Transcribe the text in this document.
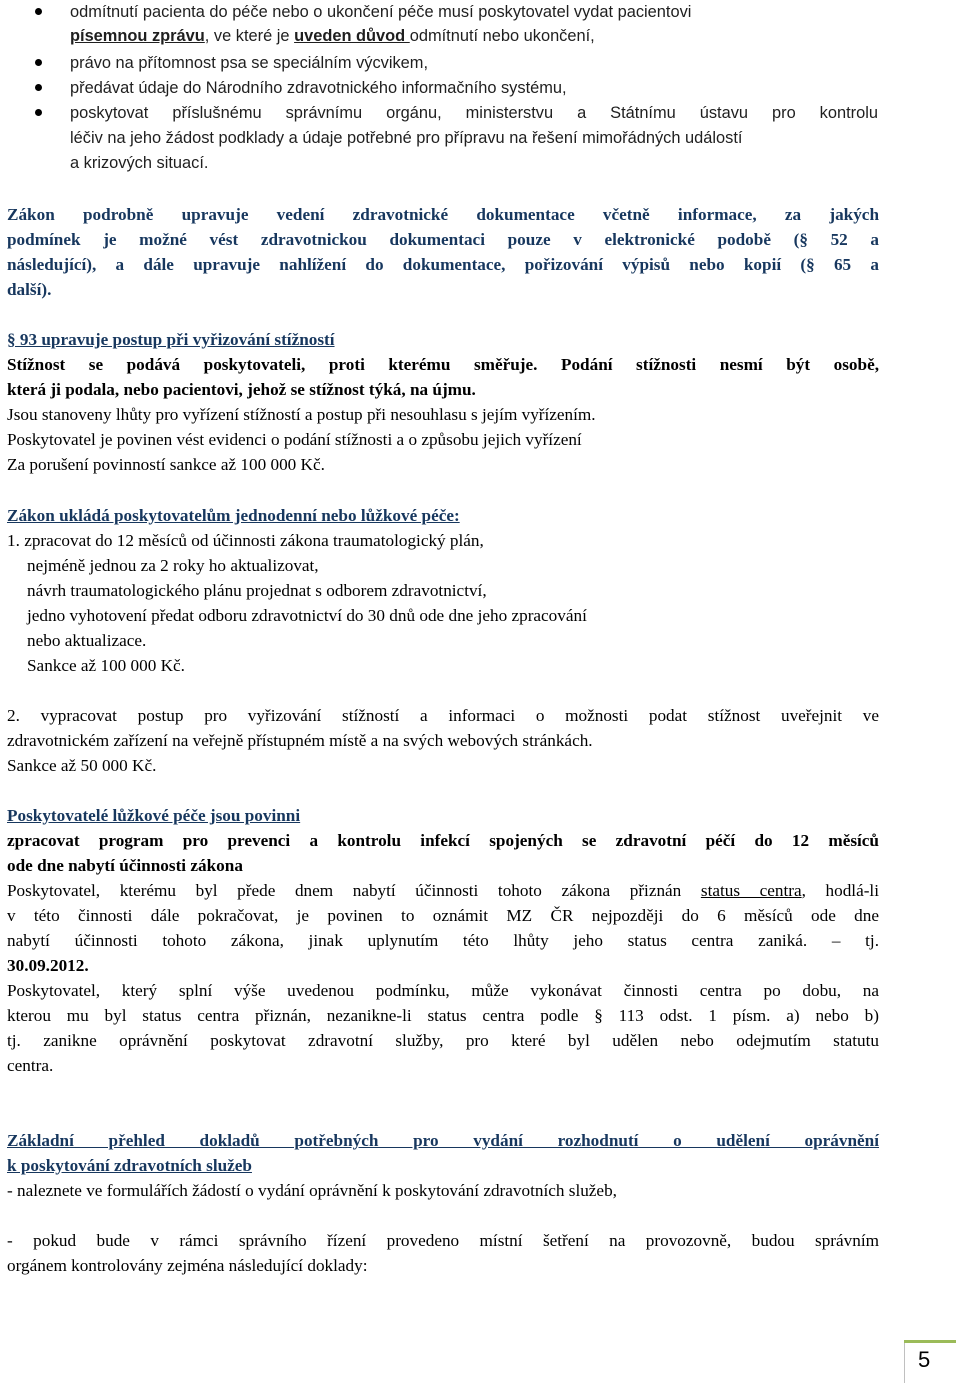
odmítnutí pacienta do péče nebo o ukončení péče musí poskytovatel vydat pacientovi
písemnou zprávu, ve které je uveden důvod odmítnutí nebo ukončení,
právo na přítomnost psa se speciálním výcvikem,
předávat údaje do Národního zdravotnického informačního systému,
poskytovat příslušnému správnímu orgánu, ministerstvu a Státnímu ústavu pro kontrolu
léčiv na jeho žádost podklady a údaje potřebné pro přípravu na řešení mimořádných událostí
a krizových situací.
Zákon podrobně upravuje vedení zdravotnické dokumentace včetně informace, za jakých
podmínek je možné vést zdravotnickou dokumentaci pouze v elektronické podobě (§ 52 a
následující), a dále upravuje nahlížení do dokumentace, pořizování výpisů nebo kopií (§ 65 a
další).
§ 93 upravuje postup při vyřizování stížností
Stížnost se podává poskytovateli, proti kterému směřuje. Podání stížnosti nesmí být osobě,
která ji podala, nebo pacientovi, jehož se stížnost týká, na újmu.
Jsou stanoveny lhůty pro vyřízení stížností a postup při nesouhlasu s jejím vyřízením.
Poskytovatel je povinen vést evidenci o podání stížnosti a o způsobu jejich vyřízení
Za porušení povinností sankce až 100 000 Kč.
Zákon ukládá poskytovatelům jednodenní nebo lůžkové péče:
1. zpracovat do 12 měsíců od účinnosti zákona traumatologický plán,
nejméně jednou za 2 roky ho aktualizovat,
návrh traumatologického plánu projednat s odborem zdravotnictví,
jedno vyhotovení předat odboru zdravotnictví do 30 dnů ode dne jeho zpracování
nebo aktualizace.
Sankce až 100 000 Kč.
2. vypracovat postup pro vyřizování stížností a informaci o možnosti podat stížnost uveřejnit ve
zdravotnickém zařízení na veřejně přístupném místě a na svých webových stránkách.
Sankce až 50 000 Kč.
Poskytovatelé lůžkové péče jsou povinni
zpracovat program pro prevenci a kontrolu infekcí spojených se zdravotní péčí do 12 měsíců
ode dne nabytí účinnosti zákona
Poskytovatel, kterému byl přede dnem nabytí účinnosti tohoto zákona přiznán status centra, hodlá-li
v této činnosti dále pokračovat, je povinen to oznámit MZ ČR nejpozději do 6 měsíců ode dne
nabytí účinnosti tohoto zákona, jinak uplynutím této lhůty jeho status centra zaniká. – tj.
30.09.2012.
Poskytovatel, který splní výše uvedenou podmínku, může vykonávat činnosti centra po dobu, na
kterou mu byl status centra přiznán, nezanikne-li status centra podle § 113 odst. 1 písm. a) nebo b)
tj. zanikne oprávnění poskytovat zdravotní služby, pro které byl udělen nebo odejmutím statutu
centra.
Základní přehled dokladů potřebných pro vydání rozhodnutí o udělení oprávnění
k poskytování zdravotních služeb
- naleznete ve formulářích žádostí o vydání oprávnění k poskytování zdravotních služeb,
- pokud bude v rámci správního řízení provedeno místní šetření na provozovně, budou správním
orgánem kontrolovány zejména následující doklady:
5
